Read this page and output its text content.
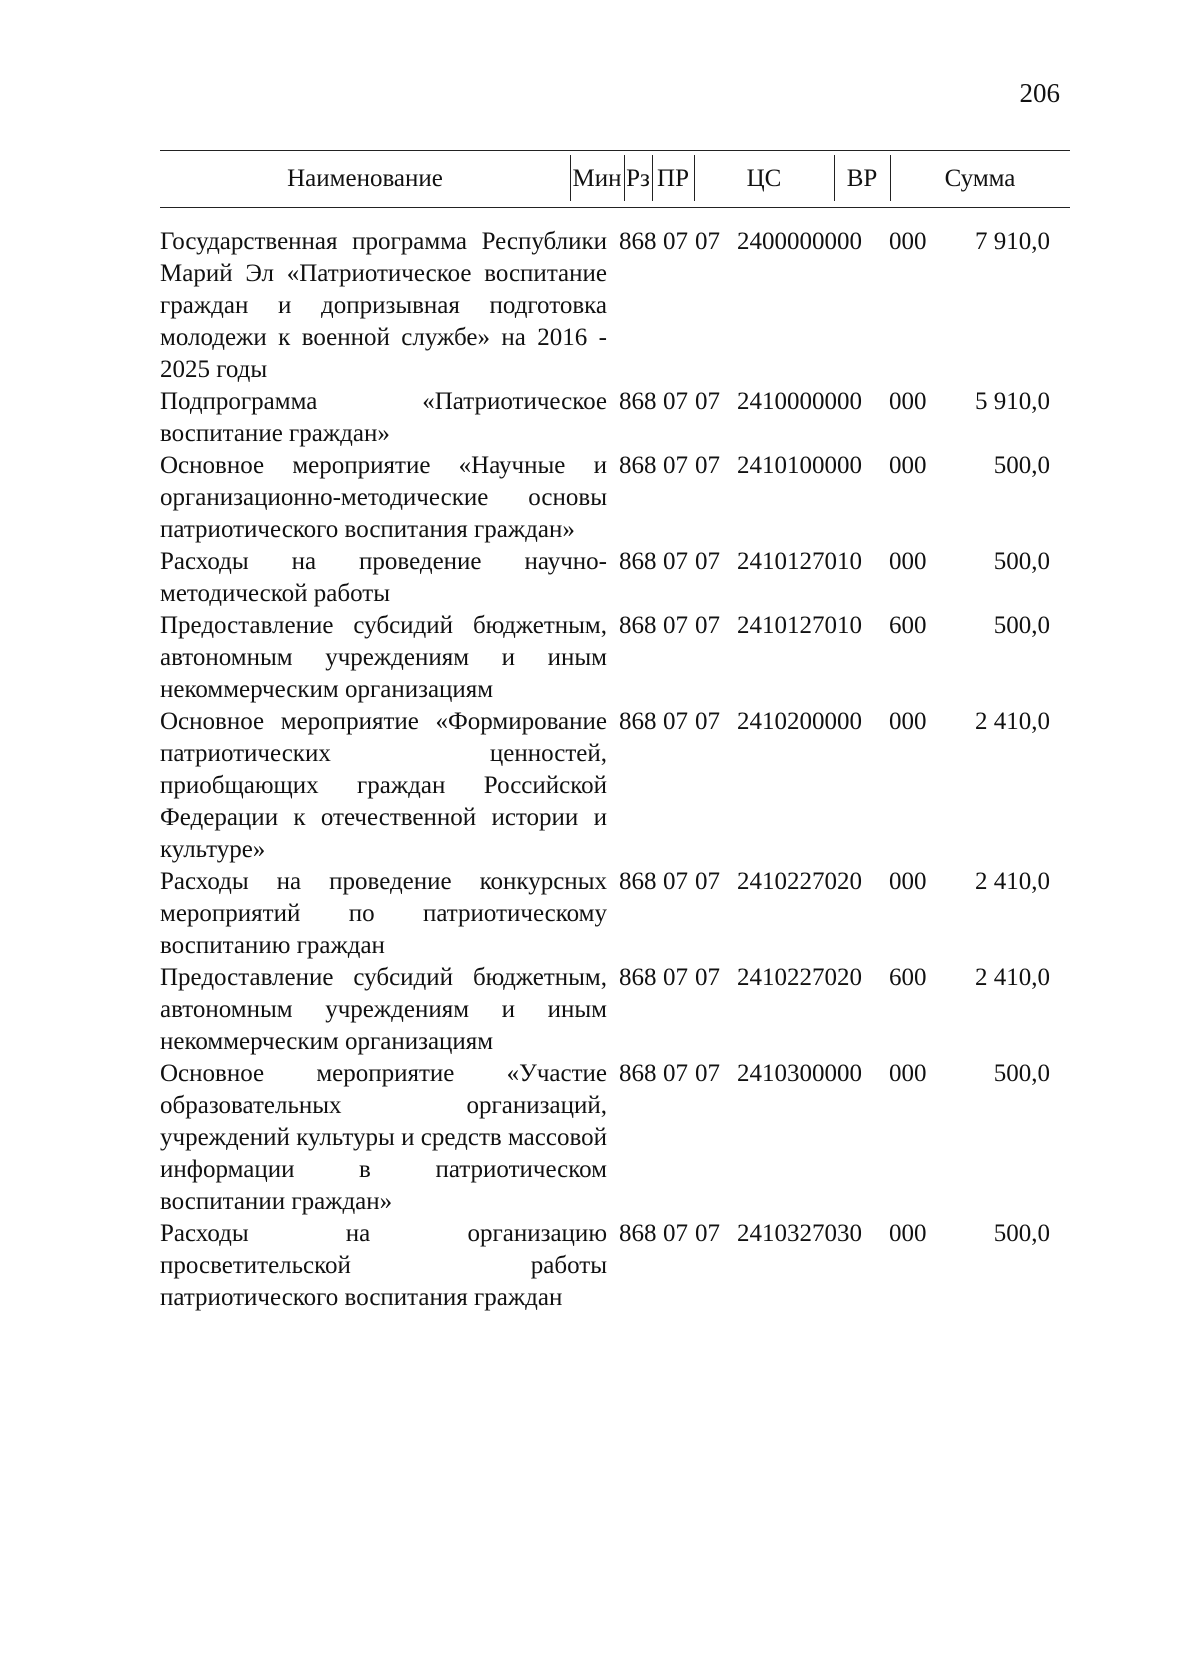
206
Наименование	Мин Рз ПР	ЦС	ВР	Сумма
Государственная программа Республики Марий Эл «Патриотическое воспитание граждан и допризывная подготовка молодежи к военной службе» на 2016 - 2025 годы
868 07 07 2400000000	000	7 910,0
Подпрограмма «Патриотическое воспитание граждан»
868 07 07 2410000000	000	5 910,0
Основное мероприятие «Научные и организационно-методические основы патриотического воспитания граждан»
868 07 07 2410100000	000	500,0
Расходы на проведение научно-методической работы
868 07 07 2410127010	000	500,0
Предоставление субсидий бюджетным, автономным учреждениям и иным некоммерческим организациям
868 07 07 2410127010	600	500,0
Основное мероприятие «Формирование патриотических ценностей, приобщающих граждан Российской Федерации к отечественной истории и культуре»
868 07 07 2410200000	000	2 410,0
Расходы на проведение конкурсных мероприятий по патриотическому воспитанию граждан
868 07 07 2410227020	000	2 410,0
Предоставление субсидий бюджетным, автономным учреждениям и иным некоммерческим организациям
868 07 07 2410227020	600	2 410,0
Основное мероприятие «Участие образовательных организаций, учреждений культуры и средств массовой информации в патриотическом воспитании граждан»
868 07 07 2410300000	000	500,0
Расходы на организацию просветительской работы патриотического воспитания граждан
868 07 07 2410327030	000	500,0
